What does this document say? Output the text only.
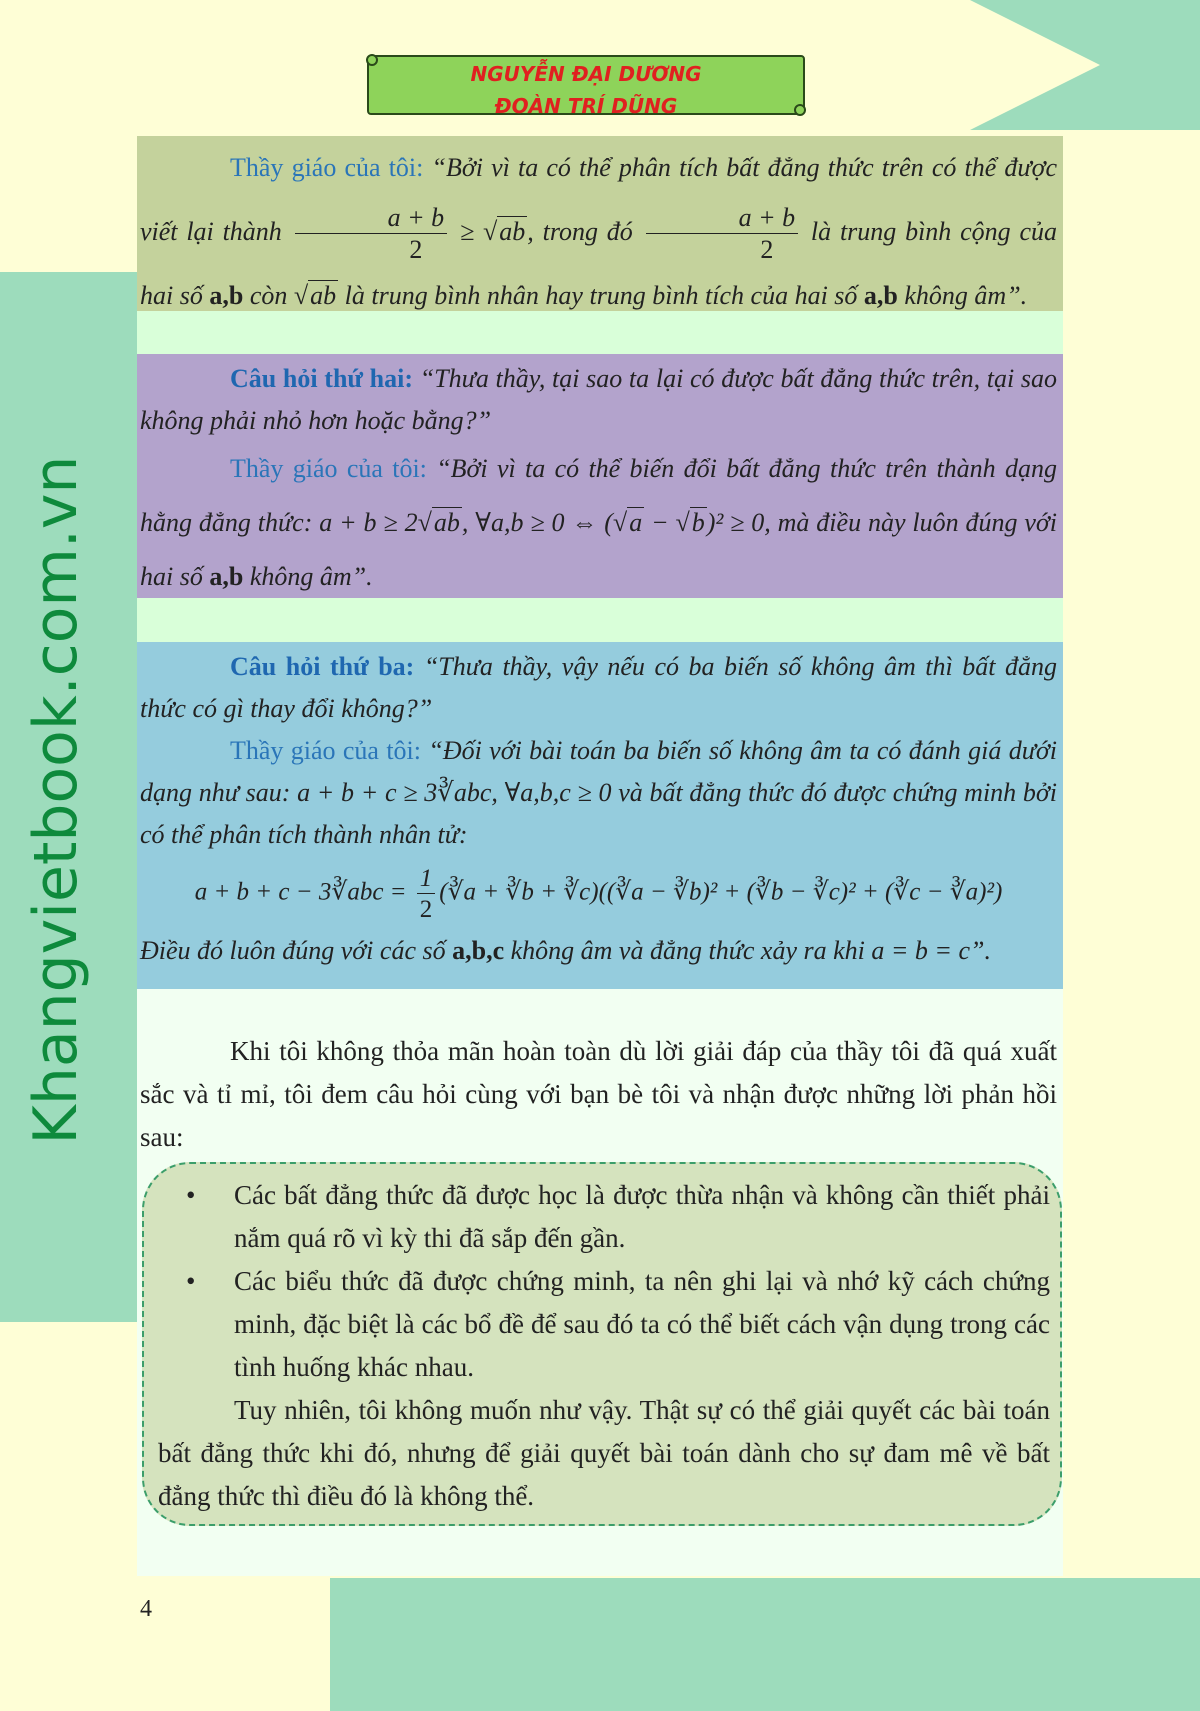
NGUYỄN ĐẠI DƯƠNG
ĐOÀN TRÍ DŨNG
Khangvietbook.com.vn

Thầy giáo của tôi: “Bởi vì ta có thể phân tích bất đẳng thức trên có thể được viết lại thành $\frac{a + b}{2} \ge √ab$, trong đó $\frac{a + b}{2}$ là trung bình cộng của hai số a,b còn √ab là trung bình nhân hay trung bình tích của hai số a,b không âm”.

Câu hỏi thứ hai: “Thưa thầy, tại sao ta lại có được bất đẳng thức trên, tại sao không phải nhỏ hơn hoặc bằng?”

Thầy giáo của tôi: “Bởi vì ta có thể biến đổi bất đẳng thức trên thành dạng hằng đẳng thức: a + b ≥ 2√ab, ∀a,b ≥ 0 ⇔ (√a − √b)² ≥ 0, mà điều này luôn đúng với hai số a,b không âm”.

Câu hỏi thứ ba: “Thưa thầy, vậy nếu có ba biến số không âm thì bất đẳng thức có gì thay đổi không?”

Thầy giáo của tôi: “Đối với bài toán ba biến số không âm ta có đánh giá dưới dạng như sau: a + b + c ≥ 3∛abc, ∀a,b,c ≥ 0 và bất đẳng thức đó được chứng minh bởi có thể phân tích thành nhân tử:

a + b + c − 3∛abc = $\frac{1}{2}$ (∛a + ∛b + ∛c)((∛a − ∛b)² + (∛b − ∛c)² + (∛c − ∛a)²)

Điều đó luôn đúng với các số a,b,c không âm và đẳng thức xảy ra khi a = b = c”.

Khi tôi không thỏa mãn hoàn toàn dù lời giải đáp của thầy tôi đã quá xuất sắc và tỉ mỉ, tôi đem câu hỏi cùng với bạn bè tôi và nhận được những lời phản hồi sau:

• Các bất đẳng thức đã được học là được thừa nhận và không cần thiết phải nắm quá rõ vì kỳ thi đã sắp đến gần.
• Các biểu thức đã được chứng minh, ta nên ghi lại và nhớ kỹ cách chứng minh, đặc biệt là các bổ đề để sau đó ta có thể biết cách vận dụng trong các tình huống khác nhau.

Tuy nhiên, tôi không muốn như vậy. Thật sự có thể giải quyết các bài toán bất đẳng thức khi đó, nhưng để giải quyết bài toán dành cho sự đam mê về bất đẳng thức thì điều đó là không thể.

4
